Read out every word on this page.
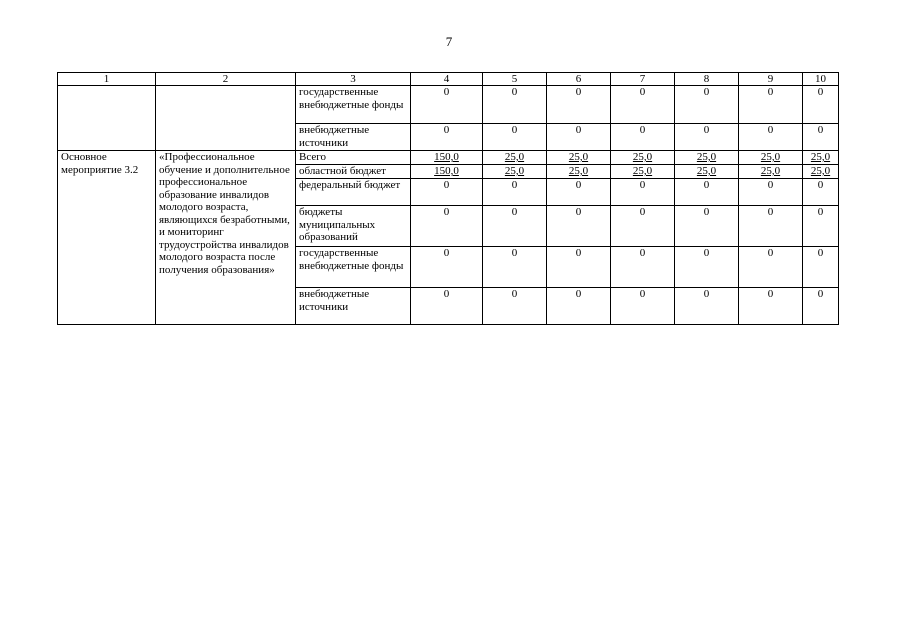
7
1	2	3	4	5	6	7	8	9	10
		государственные внебюджетные фонды	0	0	0	0	0	0	0
		внебюджетные источники	0	0	0	0	0	0	0
Основное мероприятие 3.2	«Профессиональное обучение и дополнительное профессиональное образование инвалидов молодого возраста, являющихся безработными, и мониторинг трудоустройства инвалидов молодого возраста после получения образования»	Всего	150,0	25,0	25,0	25,0	25,0	25,0	25,0
		областной бюджет	150,0	25,0	25,0	25,0	25,0	25,0	25,0
		федеральный бюджет	0	0	0	0	0	0	0
		бюджеты муниципальных образований	0	0	0	0	0	0	0
		государственные внебюджетные фонды	0	0	0	0	0	0	0
		внебюджетные источники	0	0	0	0	0	0	0
